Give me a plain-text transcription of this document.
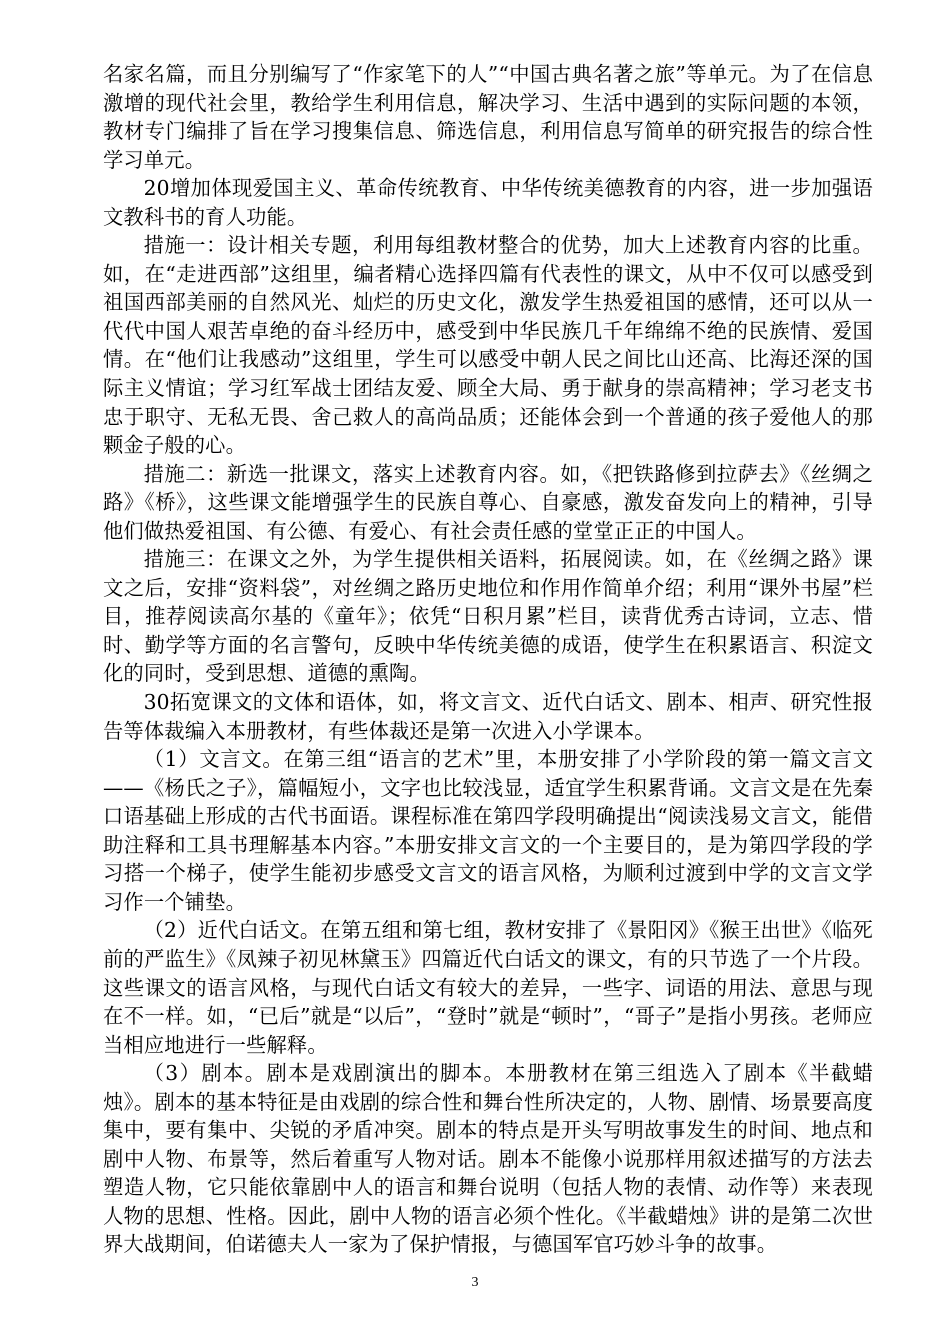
名家名篇，而且分别编写了“作家笔下的人”“中国古典名著之旅”等单元。为了在信息激增的现代社会里，教给学生利用信息，解决学习、生活中遇到的实际问题的本领，教材专门编排了旨在学习搜集信息、筛选信息，利用信息写简单的研究报告的综合性学习单元。

20增加体现爱国主义、革命传统教育、中华传统美德教育的内容，进一步加强语文教科书的育人功能。

措施一：设计相关专题，利用每组教材整合的优势，加大上述教育内容的比重。如，在“走进西部”这组里，编者精心选择四篇有代表性的课文，从中不仅可以感受到祖国西部美丽的自然风光、灿烂的历史文化，激发学生热爱祖国的感情，还可以从一代代中国人艰苦卓绝的奋斗经历中，感受到中华民族几千年绵绵不绝的民族情、爱国情。在“他们让我感动”这组里，学生可以感受中朝人民之间比山还高、比海还深的国际主义情谊；学习红军战士团结友爱、顾全大局、勇于献身的崇高精神；学习老支书忠于职守、无私无畏、舍己救人的高尚品质；还能体会到一个普通的孩子爱他人的那颗金子般的心。

措施二：新选一批课文，落实上述教育内容。如，《把铁路修到拉萨去》《丝绸之路》《桥》，这些课文能增强学生的民族自尊心、自豪感，激发奋发向上的精神，引导他们做热爱祖国、有公德、有爱心、有社会责任感的堂堂正正的中国人。

措施三：在课文之外，为学生提供相关语料，拓展阅读。如，在《丝绸之路》课文之后，安排“资料袋”，对丝绸之路历史地位和作用作简单介绍；利用“课外书屋”栏目，推荐阅读高尔基的《童年》；依凭“日积月累”栏目，读背优秀古诗词，立志、惜时、勤学等方面的名言警句，反映中华传统美德的成语，使学生在积累语言、积淀文化的同时，受到思想、道德的熏陶。

30拓宽课文的文体和语体，如，将文言文、近代白话文、剧本、相声、研究性报告等体裁编入本册教材，有些体裁还是第一次进入小学课本。

（1）文言文。在第三组“语言的艺术”里，本册安排了小学阶段的第一篇文言文——《杨氏之子》，篇幅短小，文字也比较浅显，适宜学生积累背诵。文言文是在先秦口语基础上形成的古代书面语。课程标准在第四学段明确提出“阅读浅易文言文，能借助注释和工具书理解基本内容。”本册安排文言文的一个主要目的，是为第四学段的学习搭一个梯子，使学生能初步感受文言文的语言风格，为顺利过渡到中学的文言文学习作一个铺垫。

（2）近代白话文。在第五组和第七组，教材安排了《景阳冈》《猴王出世》《临死前的严监生》《凤辣子初见林黛玉》四篇近代白话文的课文，有的只节选了一个片段。这些课文的语言风格，与现代白话文有较大的差异，一些字、词语的用法、意思与现在不一样。如，“已后”就是“以后”，“登时”就是“顿时”，“哥子”是指小男孩。老师应当相应地进行一些解释。

（3）剧本。剧本是戏剧演出的脚本。本册教材在第三组选入了剧本《半截蜡烛》。剧本的基本特征是由戏剧的综合性和舞台性所决定的，人物、剧情、场景要高度集中，要有集中、尖锐的矛盾冲突。剧本的特点是开头写明故事发生的时间、地点和剧中人物、布景等，然后着重写人物对话。剧本不能像小说那样用叙述描写的方法去塑造人物，它只能依靠剧中人的语言和舞台说明（包括人物的表情、动作等）来表现人物的思想、性格。因此，剧中人物的语言必须个性化。《半截蜡烛》讲的是第二次世界大战期间，伯诺德夫人一家为了保护情报，与德国军官巧妙斗争的故事。

3
